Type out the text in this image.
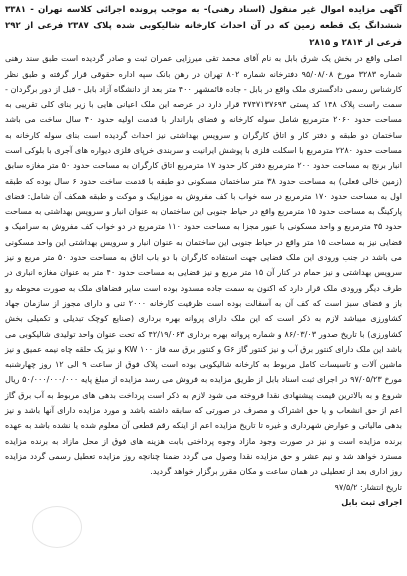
آگهی مزایده اموال غیر منقول (اسناد رهنی)- به موجب پرونده اجرائی کلاسه تهران - ۳۳۸۱ ششدانگ یک قطعه زمین که در آن احداث کارخانه شالیکوبی شده پلاک ۲۳۸۷ فرعی از ۲۹۲ فرعی از ۲۸۱۴ و ۲۸۱۵

اصلی واقع در بخش یک شرق بابل به نام آقای محمد تقی میرزایی عمران ثبت و صادر گردیده است طبق سند رهنی شماره ۳۲۸۳ مورخ ۹۵/۰۸/۰۸ دفترخانه شماره ۸۰۲ تهران در رهن بانک سپه اداره حقوقی قرار گرفته و طبق نظر کارشناس رسمی دادگستری ملک واقع در بابل - جاده قائمشهر ۴۰۰ متر بعد از دانشگاه آزاد بابل - قبل از دور برگردان - سمت راست پلاک ۱۴۸ کد پستی ۴۷۴۷۱۳۷۶۹۳ قرار دارد در عرصه این ملک اعیانی هایی با زیر بنای کلی تقریبی به مساحت حدود ۲۰۶۰ مترمربع شامل سوله کارخانه و فضای باراندار با قدمت اولیه حدود ۴۰ سال ساخت می باشد ساختمان دو طبقه و دفتر کار و اتاق کارگران و سرویس بهداشتی نیز احداث گردیده است بنای سوله کارخانه به مساحت حدود ۲۲۸۰ مترمربع با اسکلت فلزی با پوشش ایرانیت و سربندی خرپای فلزی دیواره های آجری با بلوکی است انبار برنج به مساحت حدود ۲۰۰ مترمربع دفتر کار حدود ۱۷ مترمربع اتاق کارگران به مساحت حدود ۵۰ متر مغازه سابق (زمین خالی فعلی) به مساحت حدود ۳۸ متر ساختمان مسکونی دو طبقه با قدمت ساخت حدود ۶ سال بوده که طبقه اول به مساحت حدود ۱۷۰ مترمربع در سه خواب با کف مفروش به موزاییک و موکت و طبقه همکف آن شامل: فضای پارکینگ به مساحت حدود ۱۵ مترمربع واقع در حیاط جنوبی این ساختمان به عنوان انبار و سرویس بهداشتی به مساحت حدود ۴۵ مترمربع و واحد مسکونی با عبور مجزا به مساحت حدود ۱۱۰ مترمربع در دو خواب کف مفروش به سرامیک و فضایی نیز به مساحت ۱۵ متر واقع در حیاط جنوبی این ساختمان به عنوان انبار و سرویس بهداشتی این واحد مسکونی می باشد در جنب ورودی این ملک فضایی جهت استفاده کارگران با دو باب اتاق به مساحت حدود ۵۰ متر مربع و نیز سرویس بهداشتی و نیز حمام در کنار آن ۱۵ متر مربع و نیز فضایی به مساحت حدود ۴۰ متر به عنوان مغازه انباری در طرف دیگر ورودی ملک قرار دارد که اکنون به سمت جاده مسدود بوده است سایر فضاهای ملک به صورت محوطه رو باز و فضای سبز است که کف آن به آسفالت بوده است ظرفیت کارخانه ۲۰۰۰ تنی و دارای مجوز از سازمان جهاد کشاورزی میباشد لازم به ذکر است که این ملک دارای پروانه بهره برداری (صنایع کوچک تبدیلی و تکمیلی بخش کشاورزی) با تاریخ صدور ۸۶/۰۳/۰۳ و شماره پروانه بهره برداری ۴۲/۱۹/۰۶۳ که تحت عنوان واحد تولیدی شالیکوبی می باشد این ملک دارای کنتور برق آب و نیز کنتور گاز G۶ و کنتور برق سه فاز KW ۱۰۰ و نیز یک حلقه چاه نیمه عمیق و نیز ماشین آلات و تاسیسات کامل مربوط به کارخانه شالیکوبی بوده است پلاک فوق از ساعت ۹ الی ۱۲ روز چهارشنبه مورخ ۹۷/۰۵/۲۳ در اجرای ثبت اسناد بابل از طریق مزایده به فروش می رسد مزایده از مبلغ پایه ۵۰/۰۰۰/۰۰۰/۰۰۰ ریال شروع و به بالاترین قیمت پیشنهادی نقدا فروخته می شود لازم به ذکر است پرداخت بدهی های مربوط به آب برق گاز اعم از حق انشعاب و یا حق اشتراک و مصرف در صورتی که سابقه داشته باشد و مورد مزایده دارای آنها باشد و نیز بدهی مالیاتی و عوارض شهرداری و غیره تا تاریخ مزایده اعم از اینکه رقم قطعی آن معلوم شده یا نشده باشد به عهده برنده مزایده است و نیز در صورت وجود مازاد وجوه پرداختی بابت هزینه های فوق از محل مازاد به برنده مزایده مسترد خواهد شد و نیم عشر و حق مزایده نقدا وصول می گردد ضمنا چنانچه روز مزایده تعطیل رسمی گردد مزایده روز اداری بعد از تعطیلی در همان ساعت و مکان مقرر برگزار خواهد گردید.

تاریخ انتشار: ۹۷/۵/۲

اجرای ثبت بابل
